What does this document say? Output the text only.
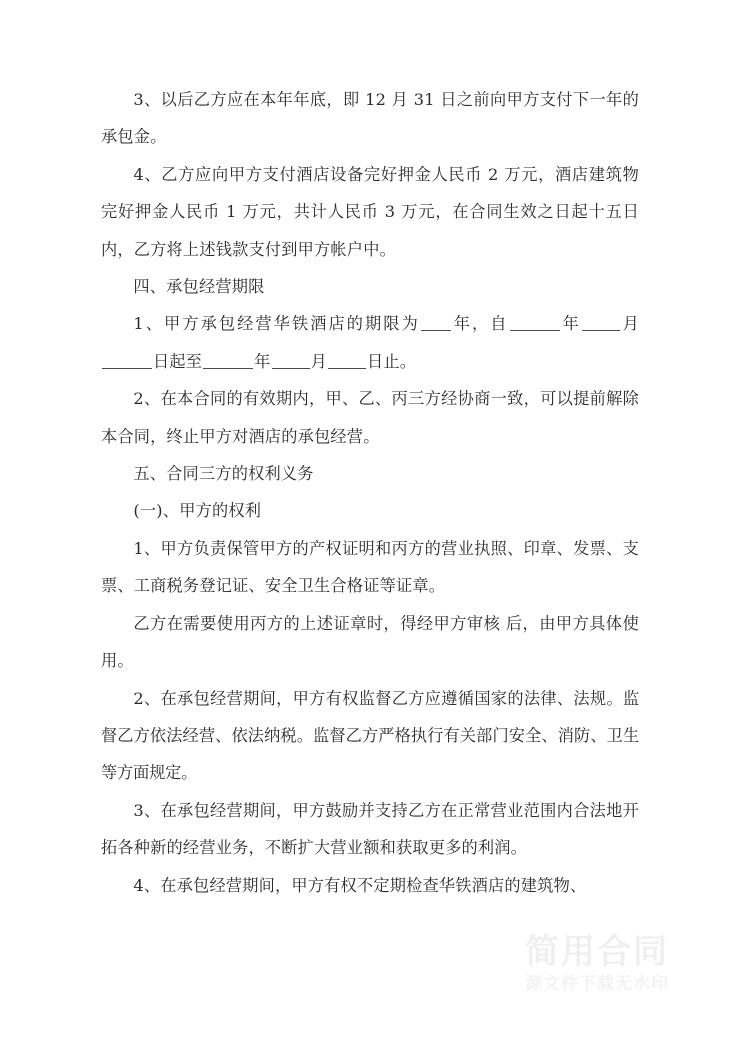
3、以后乙方应在本年年底，即 12 月 31 日之前向甲方支付下一年的承包金。

4、乙方应向甲方支付酒店设备完好押金人民币 2 万元，酒店建筑物完好押金人民币 1 万元，共计人民币 3 万元，在合同生效之日起十五日内，乙方将上述钱款支付到甲方帐户中。

四、承包经营期限

1、甲方承包经营华铁酒店的期限为 年，自	年 月日起至	年 月 日止。

2、在本合同的有效期内，甲、乙、丙三方经协商一致，可以提前解除本合同，终止甲方对酒店的承包经营。

五、合同三方的权利义务

(一)、甲方的权利

1、甲方负责保管甲方的产权证明和丙方的营业执照、印章、发票、支票、工商税务登记证、安全卫生合格证等证章。

乙方在需要使用丙方的上述证章时，得经甲方审核 后，由甲方具体使用。

2、在承包经营期间，甲方有权监督乙方应遵循国家的法律、法规。监督乙方依法经营、依法纳税。监督乙方严格执行有关部门安全、消防、卫生等方面规定。

3、在承包经营期间，甲方鼓励并支持乙方在正常营业范围内合法地开拓各种新的经营业务，不断扩大营业额和获取更多的利润。

4、在承包经营期间，甲方有权不定期检查华铁酒店的建筑物、

简用合同
源文件下载无水印
